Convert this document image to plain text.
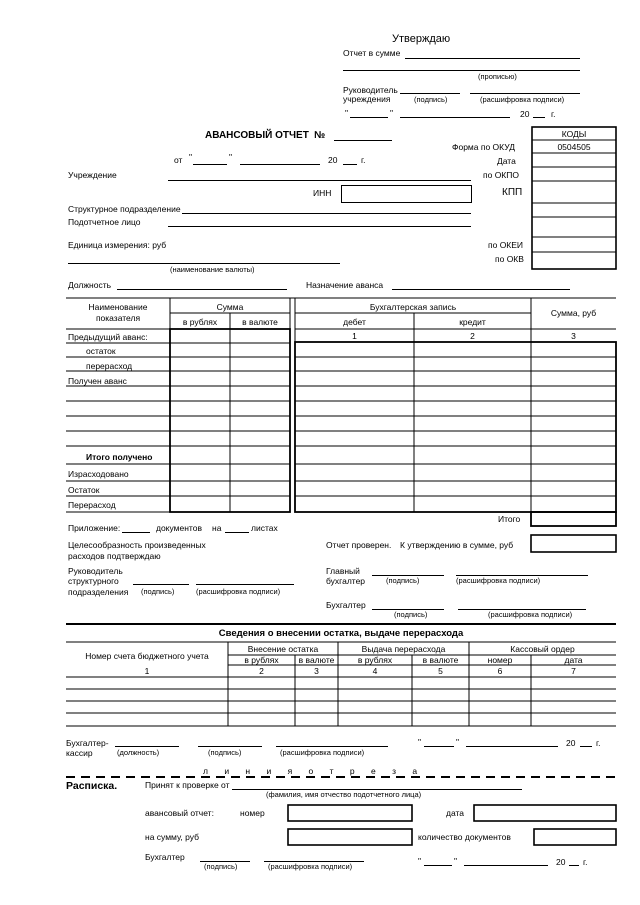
Утверждаю
Отчет в сумме
(прописью)
Руководитель
учреждения	(подпись)	(расшифровка подписи)
"	"	20	г.
АВАНСОВЫЙ ОТЧЕТ №
от "	"	20	г.
Учреждение
ИНН	КПП
Структурное подразделение
Подотчетное лицо
Единица измерения: руб
(наименование валюты)
Должность	Назначение аванса
КОДЫ
Форма по ОКУД	0504505
Дата
по ОКПО
по ОКЕИ
по ОКВ
Наименование
показателя
Сумма
в рублях	в валюте
Бухгалтерская запись
дебет	кредит
Сумма, руб
1	2	3
Предыдущий аванс:
остаток
перерасход
Получен аванс
Итого получено
Израсходовано
Остаток
Перерасход
Итого
Приложение:	документов на	листах
Целесообразность произведенных
расходов подтверждаю
Отчет проверен. К утверждению в сумме, руб
Руководитель
структурного
подразделения (подпись)	(расшифровка подписи)
Главный
бухгалтер	(подпись)	(расшифровка подписи)
Бухгалтер
(подпись)	(расшифровка подписи)
Сведения о внесении остатка, выдаче перерасхода
Номер счета бюджетного учета
Внесение остатка	Выдача перерасхода	Кассовый ордер
в рублях	в валюте	в рублях	в валюте	номер	дата
1	2	3	4	5	6	7
Бухгалтер-
кассир	(должность)	(подпись)	(расшифровка подписи)
"	"	20 г.
л и н и я о т р е з а
Расписка.	Принят к проверке от
(фамилия, имя отчество подотчетного лица)
авансовый отчет:	номер	дата
на сумму, руб	количество документов
Бухгалтер
(подпись)	(расшифровка подписи)
"	"	20 г.
